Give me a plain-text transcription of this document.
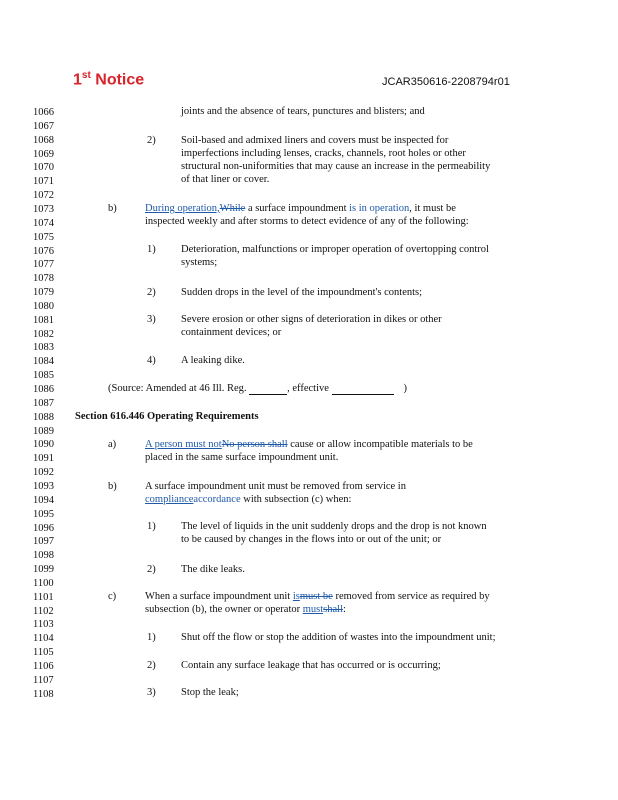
1st Notice	JCAR350616-2208794r01
1066
1067
1068
1069
1070
1071
1072
1073
1074
1075
1076
1077
1078
1079
1080
1081
1082
1083
1084
1085
1086
1087
1088
1089
1090
1091
1092
1093
1094
1095
1096
1097
1098
1099
1100
1101
1102
1103
1104
1105
1106
1107
1108
joints and the absence of tears, punctures and blisters; and
2) Soil-based and admixed liners and covers must be inspected for
imperfections including lenses, cracks, channels, root holes or other
structural non-uniformities that may cause an increase in the permeability
of that liner or cover.
b)	During operation,While a surface impoundment is in operation, it must be
inspected weekly and after storms to detect evidence of any of the following:
1) Deterioration, malfunctions or improper operation of overtopping control
systems;
2) Sudden drops in the level of the impoundment's contents;
3) Severe erosion or other signs of deterioration in dikes or other
containment devices; or
4) A leaking dike.
(Source: Amended at 46 Ill. Reg.	, effective	)
Section 616.446 Operating Requirements
a)	A person must notNo person shall cause or allow incompatible materials to be
placed in the same surface impoundment unit.
b)	A surface impoundment unit must be removed from service in
complianceaccordance with subsection (c) when:
1) The level of liquids in the unit suddenly drops and the drop is not known
to be caused by changes in the flows into or out of the unit; or
2) The dike leaks.
c)	When a surface impoundment unit ismust be removed from service as required by
subsection (b), the owner or operator mustshall:
1) Shut off the flow or stop the addition of wastes into the impoundment unit;
2) Contain any surface leakage that has occurred or is occurring;
3) Stop the leak;
